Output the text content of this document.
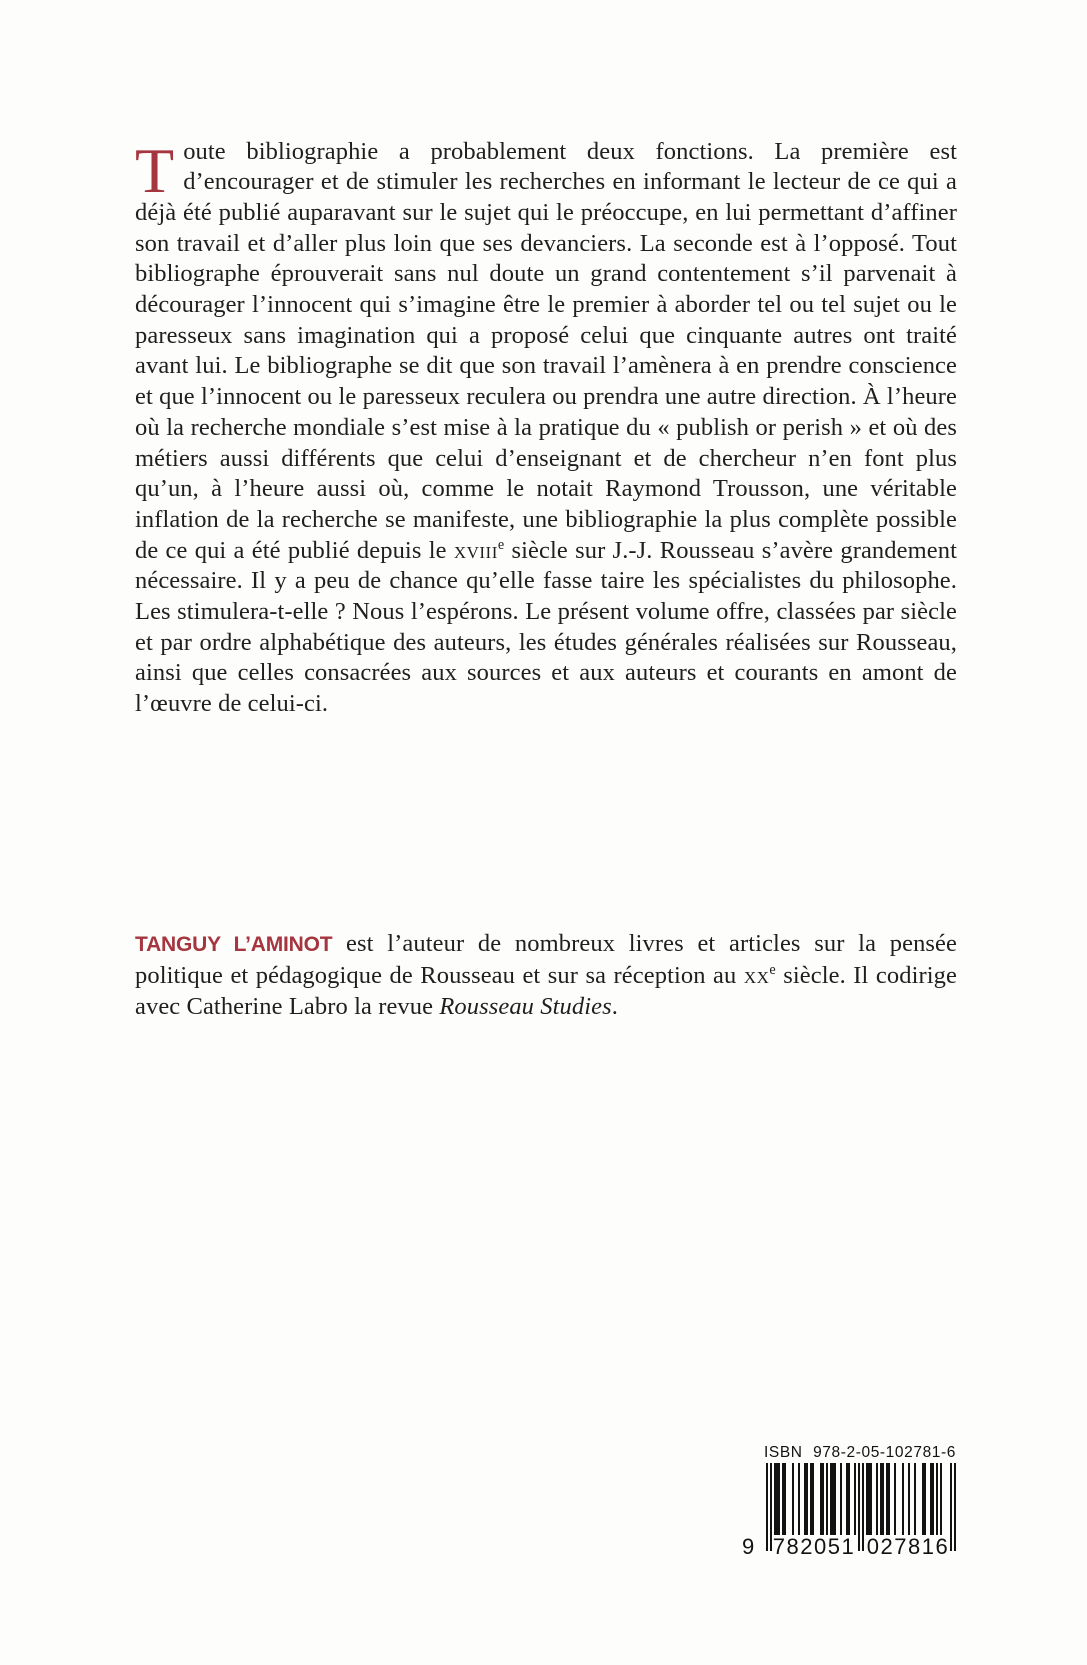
Toute bibliographie a probablement deux fonctions. La première est d’encourager et de stimuler les recherches en informant le lecteur de ce qui a déjà été publié auparavant sur le sujet qui le préoccupe, en lui permettant d’affiner son travail et d’aller plus loin que ses devanciers. La seconde est à l’opposé. Tout bibliographe éprouverait sans nul doute un grand contentement s’il parvenait à décourager l’innocent qui s’imagine être le premier à aborder tel ou tel sujet ou le paresseux sans imagination qui a proposé celui que cinquante autres ont traité avant lui. Le bibliographe se dit que son travail l’amènera à en prendre conscience et que l’innocent ou le paresseux reculera ou prendra une autre direction. À l’heure où la recherche mondiale s’est mise à la pratique du « publish or perish » et où des métiers aussi différents que celui d’enseignant et de chercheur n’en font plus qu’un, à l’heure aussi où, comme le notait Raymond Trousson, une véritable inflation de la recherche se manifeste, une bibliographie la plus complète possible de ce qui a été publié depuis le xviii$^e$ siècle sur J.-J. Rousseau s’avère grandement nécessaire. Il y a peu de chance qu’elle fasse taire les spécialistes du philosophe. Les stimulera-t-elle ? Nous l’espérons. Le présent volume offre, classées par siècle et par ordre alphabétique des auteurs, les études générales réalisées sur Rousseau, ainsi que celles consacrées aux sources et aux auteurs et courants en amont de l’œuvre de celui-ci.

TANGUY L’AMINOT est l’auteur de nombreux livres et articles sur la pensée politique et pédagogique de Rousseau et sur sa réception au $xx^e$ siècle. Il codirige avec Catherine Labro la revue Rousseau Studies.

ISBN 978-2-05-102781-6
9 782051 027816
